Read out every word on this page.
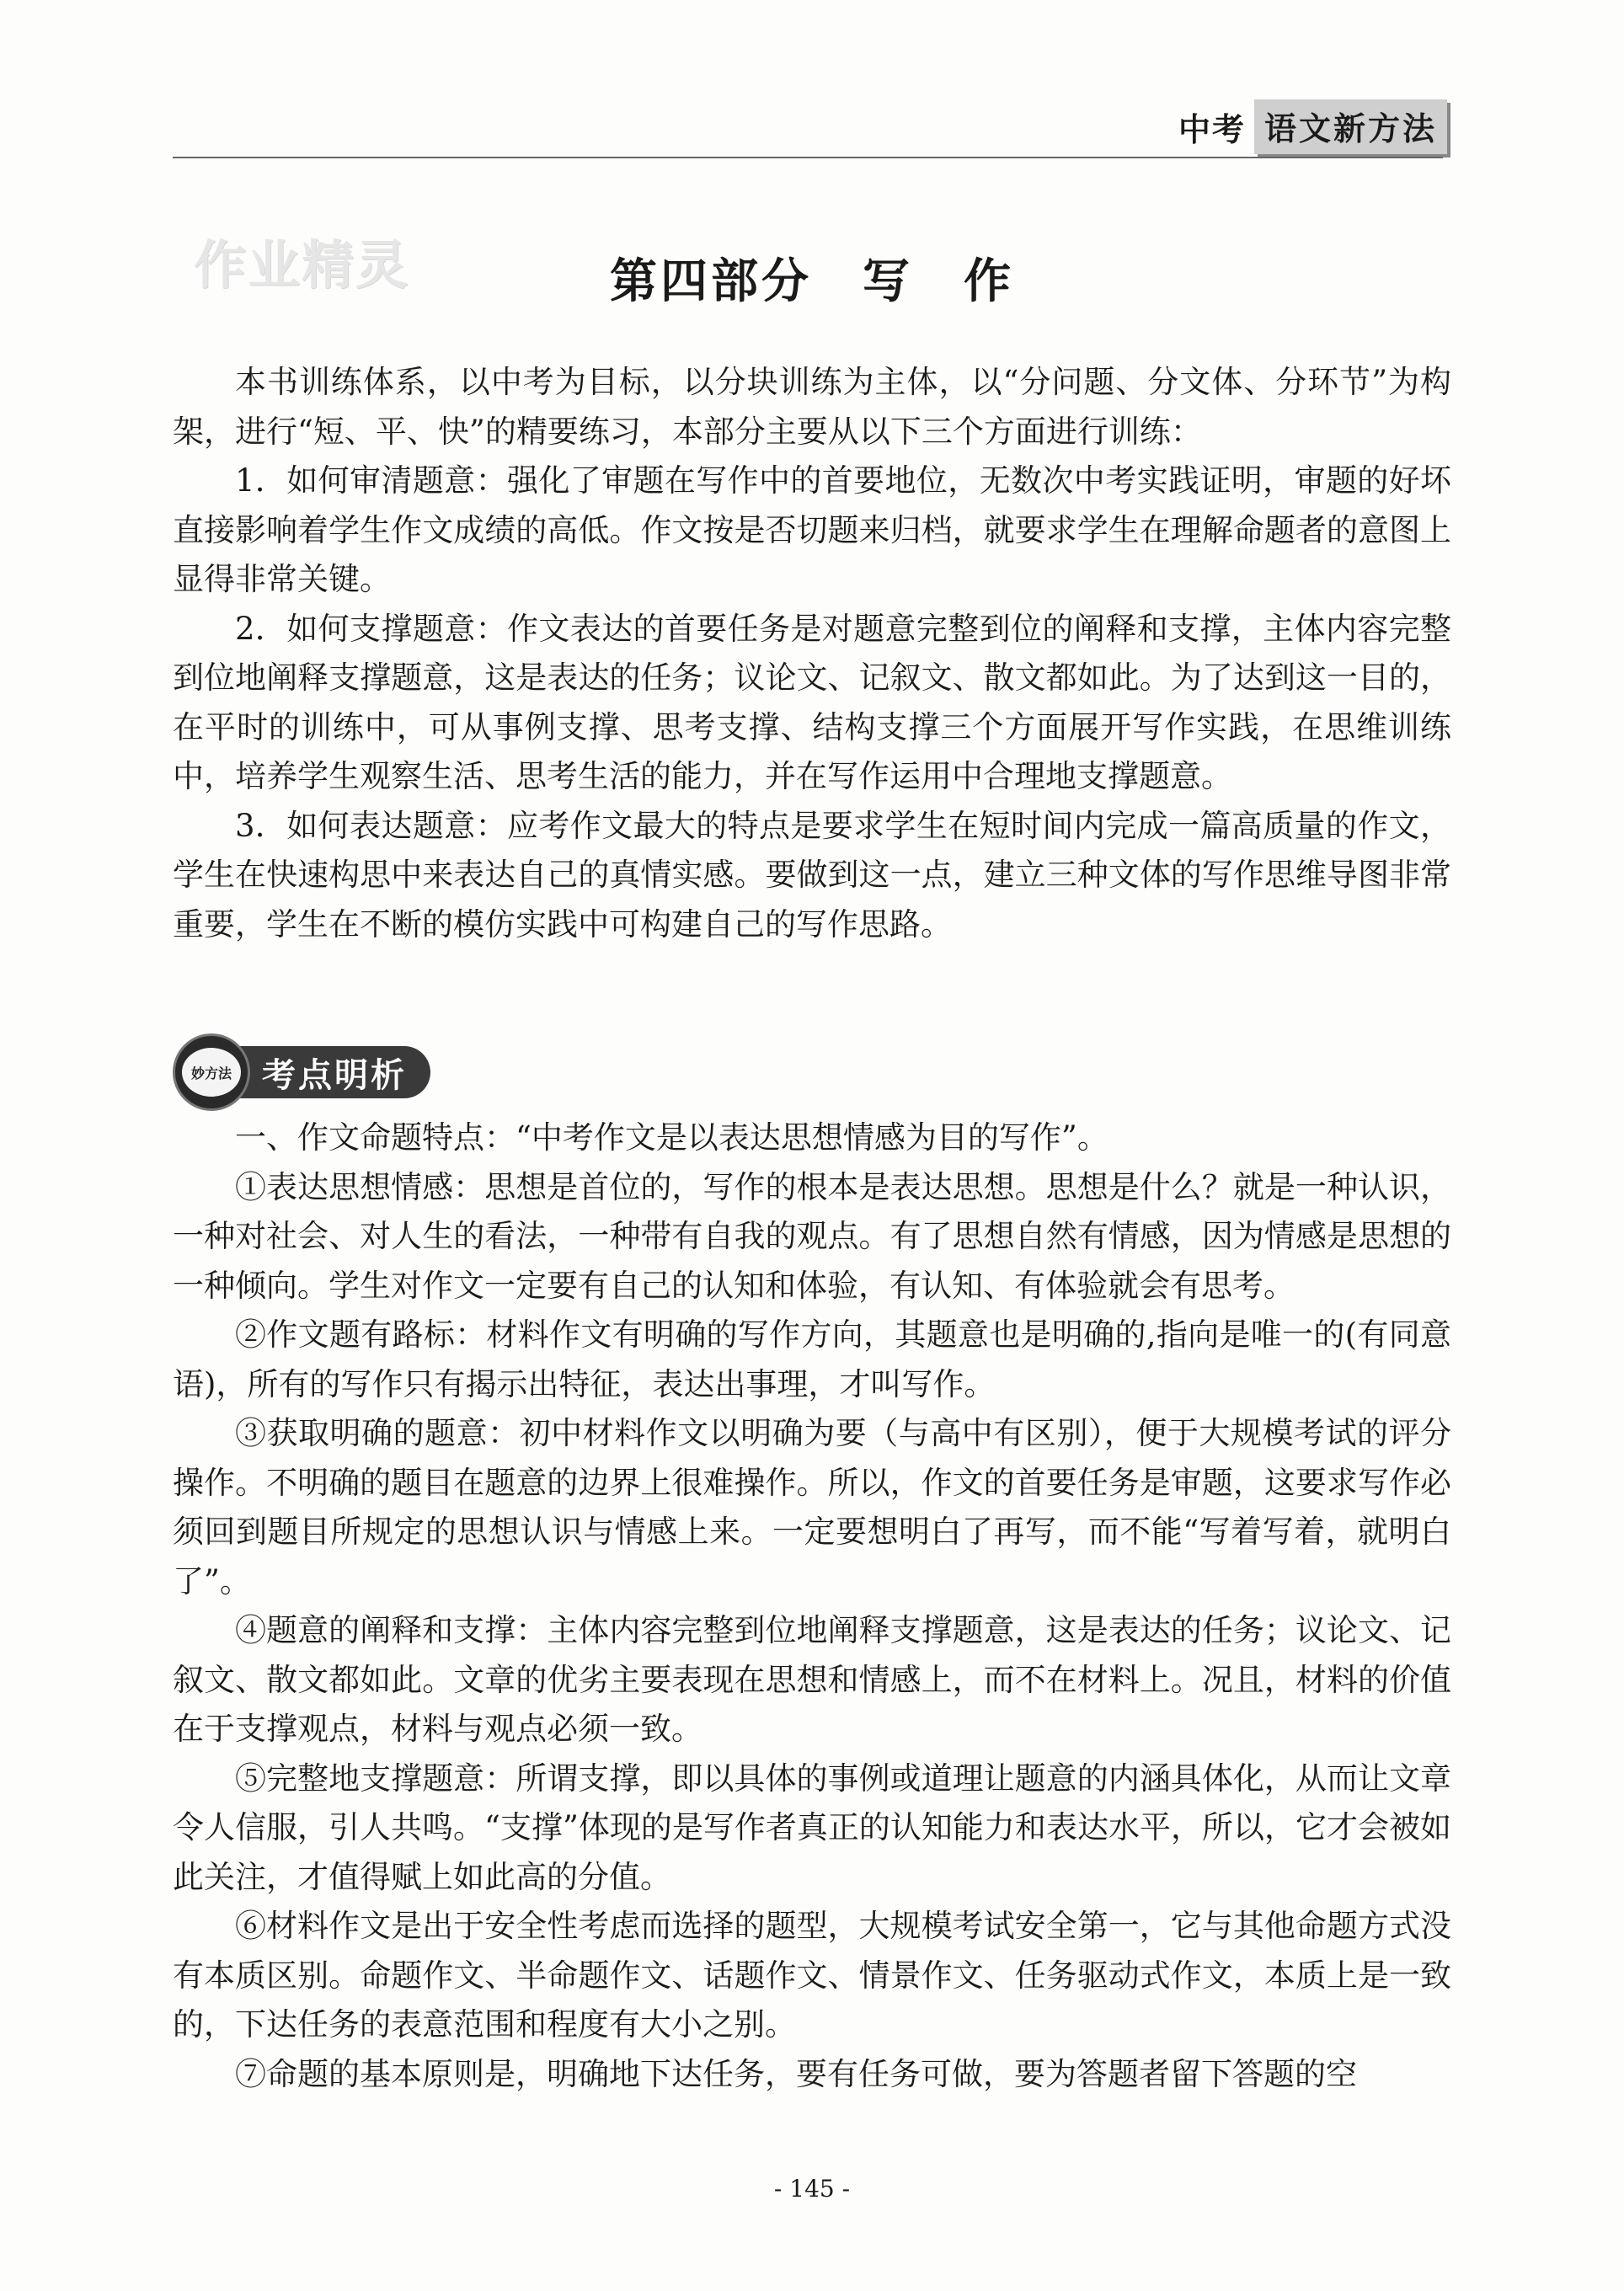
中考 语文新方法
作业精灵	第四部分　写　作

本书训练体系，以中考为目标，以分块训练为主体，以“分问题、分文体、分环节”为构架，进行“短、平、快”的精要练习，本部分主要从以下三个方面进行训练：

1．如何审清题意：强化了审题在写作中的首要地位，无数次中考实践证明，审题的好坏直接影响着学生作文成绩的高低。作文按是否切题来归档，就要求学生在理解命题者的意图上显得非常关键。

2．如何支撑题意：作文表达的首要任务是对题意完整到位的阐释和支撑，主体内容完整到位地阐释支撑题意，这是表达的任务；议论文、记叙文、散文都如此。为了达到这一目的，在平时的训练中，可从事例支撑、思考支撑、结构支撑三个方面展开写作实践，在思维训练中，培养学生观察生活、思考生活的能力，并在写作运用中合理地支撑题意。

3．如何表达题意：应考作文最大的特点是要求学生在短时间内完成一篇高质量的作文，学生在快速构思中来表达自己的真情实感。要做到这一点，建立三种文体的写作思维导图非常重要，学生在不断的模仿实践中可构建自己的写作思路。

妙方法 考点明析

一、作文命题特点：“中考作文是以表达思想情感为目的写作”。

①表达思想情感：思想是首位的，写作的根本是表达思想。思想是什么？就是一种认识，一种对社会、对人生的看法，一种带有自我的观点。有了思想自然有情感，因为情感是思想的一种倾向。学生对作文一定要有自己的认知和体验，有认知、有体验就会有思考。

②作文题有路标：材料作文有明确的写作方向，其题意也是明确的,指向是唯一的(有同意语)，所有的写作只有揭示出特征，表达出事理，才叫写作。

③获取明确的题意：初中材料作文以明确为要（与高中有区别），便于大规模考试的评分操作。不明确的题目在题意的边界上很难操作。所以，作文的首要任务是审题，这要求写作必须回到题目所规定的思想认识与情感上来。一定要想明白了再写，而不能“写着写着，就明白了”。

④题意的阐释和支撑：主体内容完整到位地阐释支撑题意，这是表达的任务；议论文、记叙文、散文都如此。文章的优劣主要表现在思想和情感上，而不在材料上。况且，材料的价值在于支撑观点，材料与观点必须一致。

⑤完整地支撑题意：所谓支撑，即以具体的事例或道理让题意的内涵具体化，从而让文章令人信服，引人共鸣。“支撑”体现的是写作者真正的认知能力和表达水平，所以，它才会被如此关注，才值得赋上如此高的分值。

⑥材料作文是出于安全性考虑而选择的题型，大规模考试安全第一，它与其他命题方式没有本质区别。命题作文、半命题作文、话题作文、情景作文、任务驱动式作文，本质上是一致的，下达任务的表意范围和程度有大小之别。

⑦命题的基本原则是，明确地下达任务，要有任务可做，要为答题者留下答题的空

- 145 -
